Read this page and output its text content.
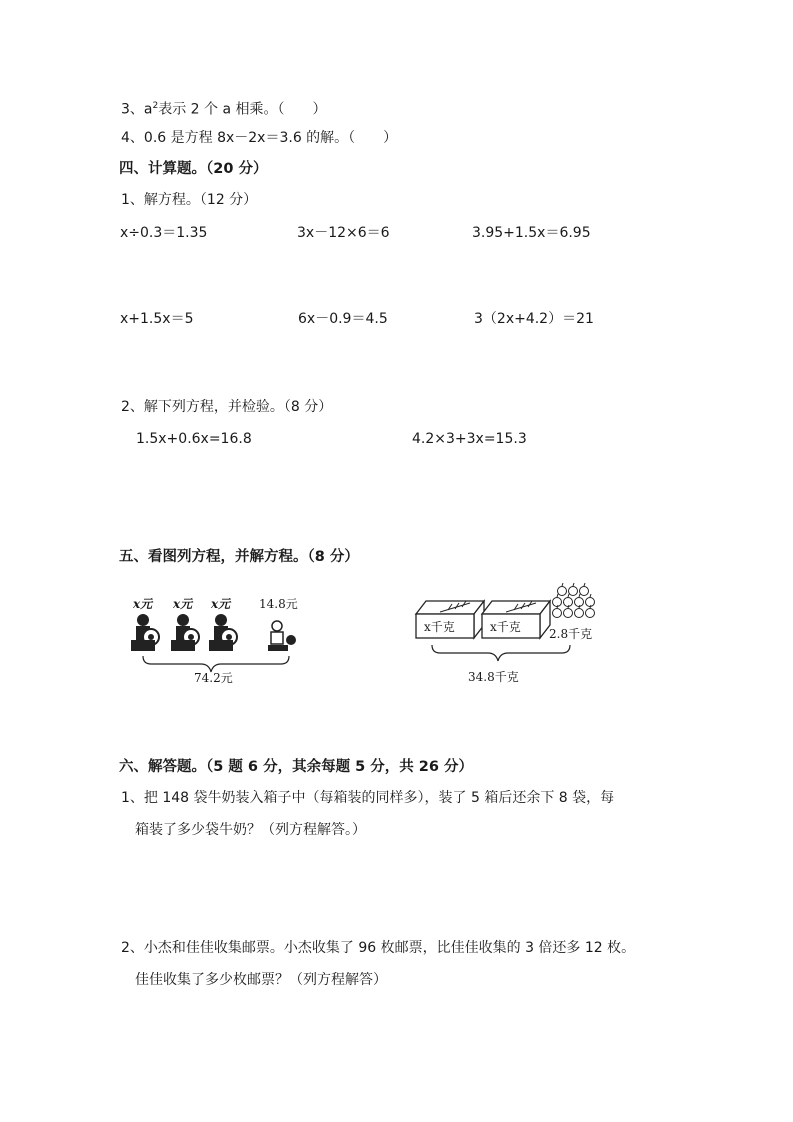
3、$a^2$表示 2 个 a 相乘。（　　）
4、0.6 是方程 8x－2x＝3.6 的解。（　　）
四、计算题。（20 分）
1、解方程。（12 分）
x÷0.3＝1.35	3x－12×6＝6	3.95+1.5x＝6.95
x+1.5x＝5	6x－0.9＝4.5	3（2x+4.2）＝21
2、解下列方程，并检验。（8 分）
1.5x+0.6x=16.8	4.2×3+3x=15.3
五、看图列方程，并解方程。（8 分）
x元 x元 x元 14.8元
74.2元
x千克	x千克 2.8千克
34.8千克
六、解答题。（5 题 6 分，其余每题 5 分，共 26 分）
1、把 148 袋牛奶装入箱子中（每箱装的同样多），装了 5 箱后还余下 8 袋，每
箱装了多少袋牛奶？（列方程解答。）
2、小杰和佳佳收集邮票。小杰收集了 96 枚邮票，比佳佳收集的 3 倍还多 12 枚。
佳佳收集了多少枚邮票？（列方程解答）
